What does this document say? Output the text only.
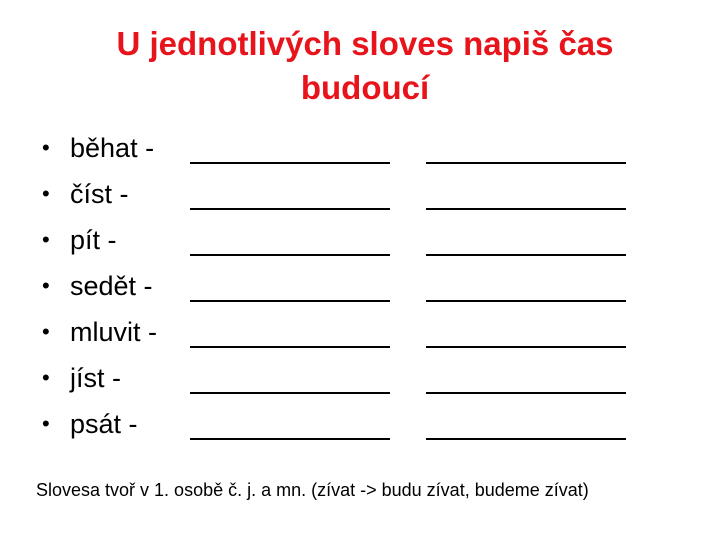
U jednotlivých sloves napiš čas budoucí
• běhat -
• číst -
• pít -
• sedět -
• mluvit -
• jíst -
• psát -
Slovesa tvoř v 1. osobě č. j. a mn. (zívat -> budu zívat, budeme zívat)
